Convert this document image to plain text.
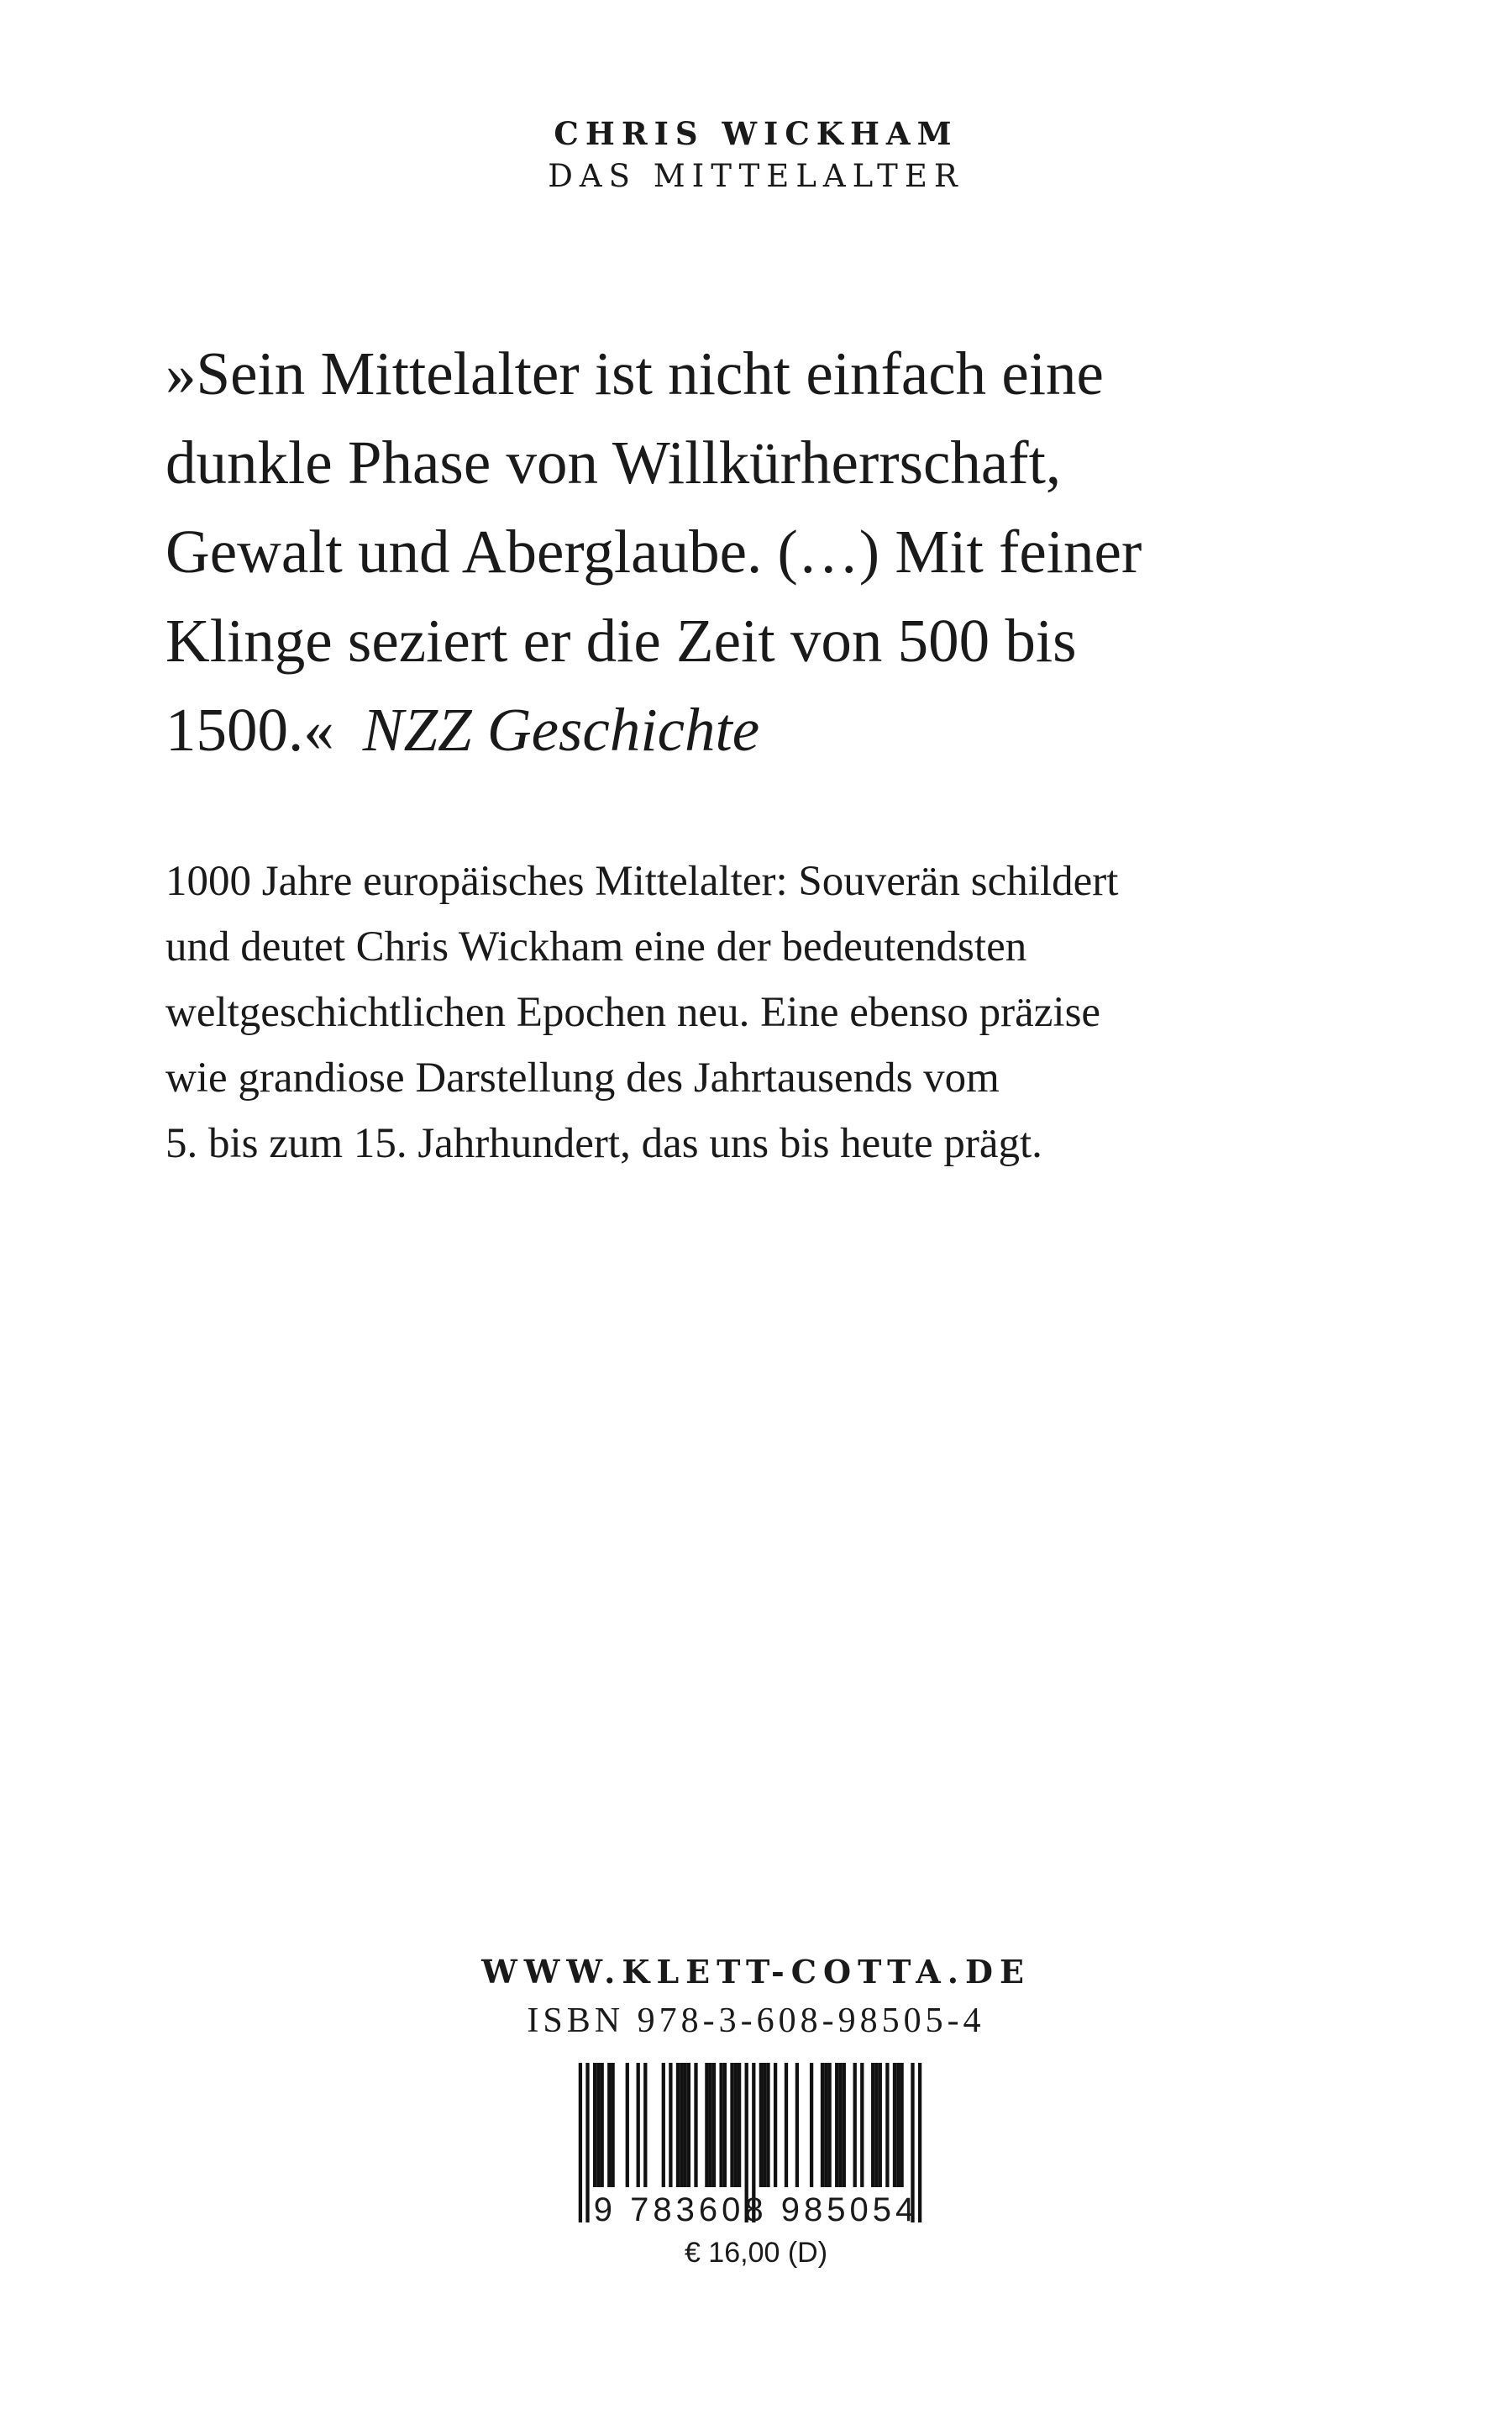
CHRIS WICKHAM
DAS MITTELALTER

»Sein Mittelalter ist nicht einfach eine
dunkle Phase von Willkürherrschaft,
Gewalt und Aberglaube. (…) Mit feiner
Klinge seziert er die Zeit von 500 bis
1500.« NZZ Geschichte

1000 Jahre europäisches Mittelalter: Souverän schildert
und deutet Chris Wickham eine der bedeutendsten
weltgeschichtlichen Epochen neu. Eine ebenso präzise
wie grandiose Darstellung des Jahrtausends vom
5. bis zum 15. Jahrhundert, das uns bis heute prägt.

WWW.KLETT-COTTA.DE
ISBN 978-3-608-98505-4
9 783608 985054
€ 16,00 (D)
